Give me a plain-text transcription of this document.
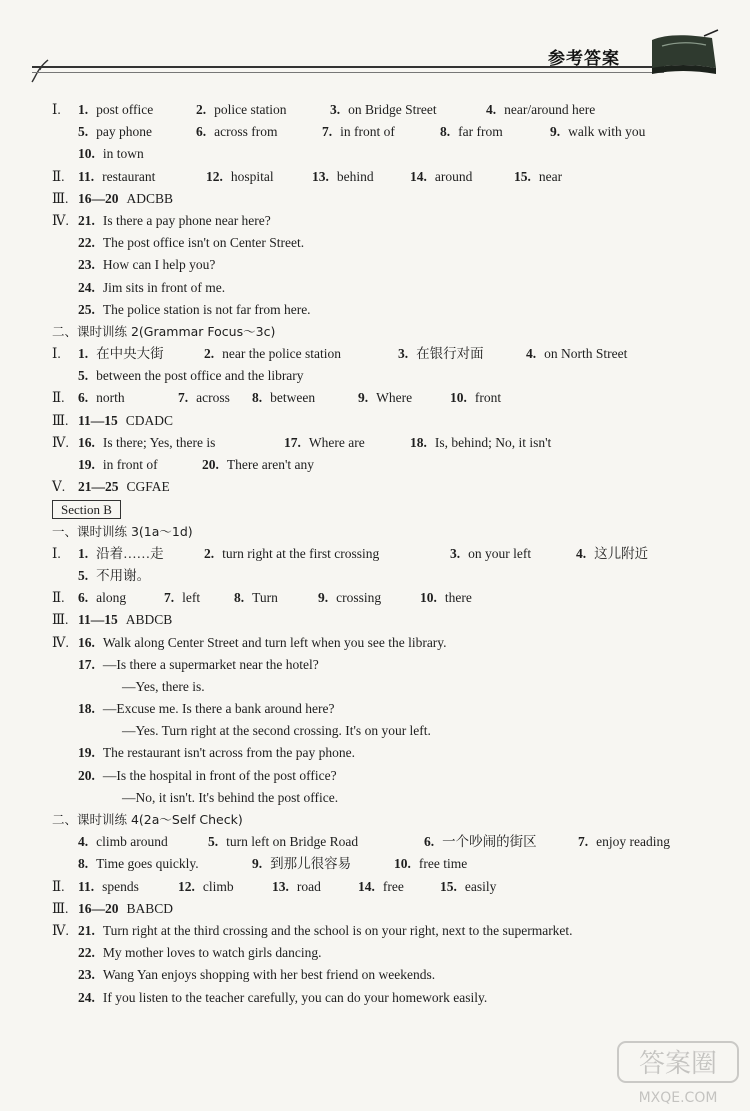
参考答案
Ⅰ.	1. post office	2. police station	3. on Bridge Street	4. near/around here
5. pay phone	6. across from	7. in front of	8. far from	9. walk with you
10. in town
Ⅱ. 11. restaurant	12. hospital	13. behind	14. around	15. near
Ⅲ. 16—20 ADCBB
Ⅳ. 21. Is there a pay phone near here?
22. The post office isn't on Center Street.
23. How can I help you?
24. Jim sits in front of me.
25. The police station is not far from here.
二、课时训练 2(Grammar Focus～3c)
Ⅰ.	1. 在中央大街	2. near the police station	3. 在银行对面	4. on North Street
5. between the post office and the library
Ⅱ. 6. north	7. across 8. between	9. Where	10. front
Ⅲ. 11—15 CDADC
Ⅳ. 16. Is there; Yes, there is	17. Where are	18. Is, behind; No, it isn't
19. in front of	20. There aren't any
Ⅴ. 21—25 CGFAE
Section B
一、课时训练 3(1a～1d)
Ⅰ.	1. 沿着……走	2. turn right at the first crossing	3. on your left	4. 这儿附近
5. 不用谢。
Ⅱ. 6. along	7. left	8. Turn	9. crossing	10. there
Ⅲ. 11—15 ABDCB
Ⅳ. 16. Walk along Center Street and turn left when you see the library.
17. —Is there a supermarket near the hotel?
—Yes, there is.
18. —Excuse me. Is there a bank around here?
—Yes. Turn right at the second crossing. It's on your left.
19. The restaurant isn't across from the pay phone.
20. —Is the hospital in front of the post office?
—No, it isn't. It's behind the post office.
二、课时训练 4(2a～Self Check)
4. climb around	5. turn left on Bridge Road	6. 一个吵闹的街区	7. enjoy reading
8. Time goes quickly.	9. 到那儿很容易	10. free time
Ⅱ. 11. spends	12. climb	13. road	14. free	15. easily
Ⅲ. 16—20 BABCD
Ⅳ. 21. Turn right at the third crossing and the school is on your right, next to the supermarket.
22. My mother loves to watch girls dancing.
23. Wang Yan enjoys shopping with her best friend on weekends.
24. If you listen to the teacher carefully, you can do your homework easily.
答案圈
MXQE.COM
